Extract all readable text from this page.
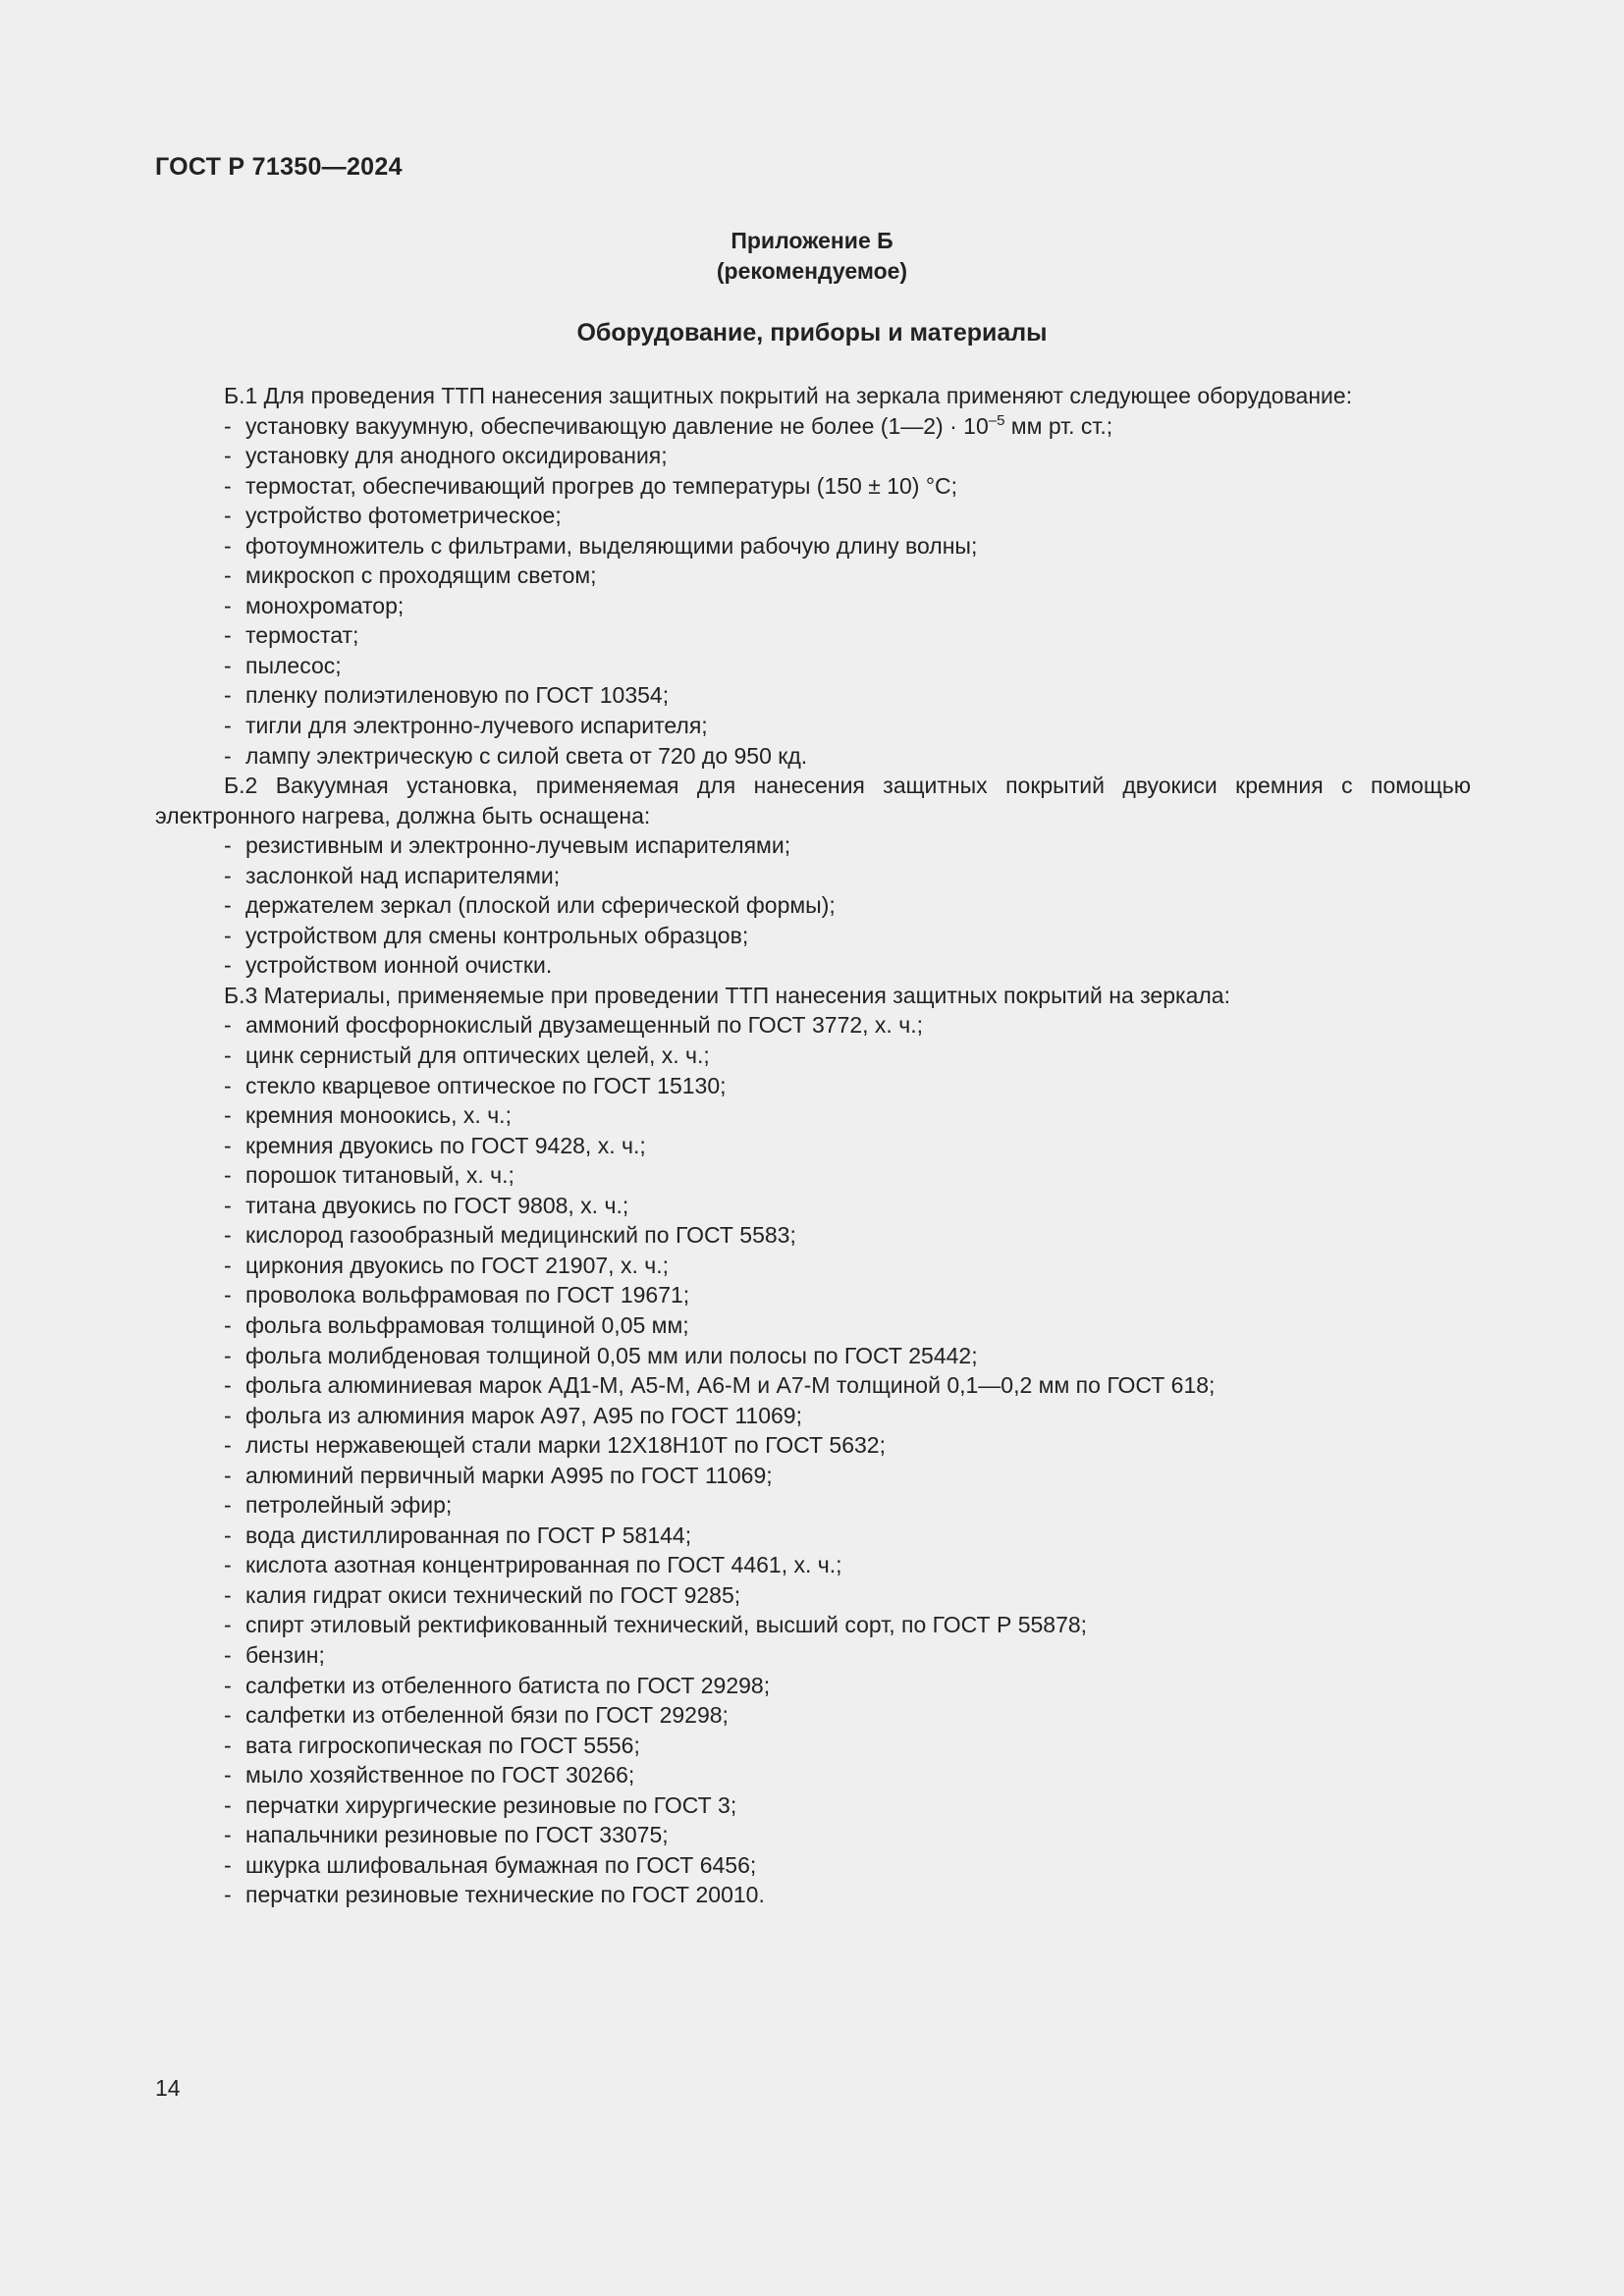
ГОСТ Р 71350—2024
Приложение Б
(рекомендуемое)
Оборудование, приборы и материалы

Б.1 Для проведения ТТП нанесения защитных покрытий на зеркала применяют следующее оборудование:

- установку вакуумную, обеспечивающую давление не более (1—2) · $10^{-5}$ мм рт. ст.;
- установку для анодного оксидирования;
- термостат, обеспечивающий прогрев до температуры (150 ± 10) °С;
- устройство фотометрическое;
- фотоумножитель с фильтрами, выделяющими рабочую длину волны;
- микроскоп с проходящим светом;
- монохроматор;
- термостат;
- пылесос;
- пленку полиэтиленовую по ГОСТ 10354;
- тигли для электронно-лучевого испарителя;
- лампу электрическую с силой света от 720 до 950 кд.

Б.2 Вакуумная установка, применяемая для нанесения защитных покрытий двуокиси кремния с помощью электронного нагрева, должна быть оснащена:

- резистивным и электронно-лучевым испарителями;
- заслонкой над испарителями;
- держателем зеркал (плоской или сферической формы);
- устройством для смены контрольных образцов;
- устройством ионной очистки.

Б.3 Материалы, применяемые при проведении ТТП нанесения защитных покрытий на зеркала:

- аммоний фосфорнокислый двузамещенный по ГОСТ 3772, х. ч.;
- цинк сернистый для оптических целей, х. ч.;
- стекло кварцевое оптическое по ГОСТ 15130;
- кремния моноокись, х. ч.;
- кремния двуокись по ГОСТ 9428, х. ч.;
- порошок титановый, х. ч.;
- титана двуокись по ГОСТ 9808, х. ч.;
- кислород газообразный медицинский по ГОСТ 5583;
- циркония двуокись по ГОСТ 21907, х. ч.;
- проволока вольфрамовая по ГОСТ 19671;
- фольга вольфрамовая толщиной 0,05 мм;
- фольга молибденовая толщиной 0,05 мм или полосы по ГОСТ 25442;
- фольга алюминиевая марок АД1-М, А5-М, А6-М и А7-М толщиной 0,1—0,2 мм по ГОСТ 618;
- фольга из алюминия марок А97, А95 по ГОСТ 11069;
- листы нержавеющей стали марки 12Х18Н10Т по ГОСТ 5632;
- алюминий первичный марки А995 по ГОСТ 11069;
- петролейный эфир;
- вода дистиллированная по ГОСТ Р 58144;
- кислота азотная концентрированная по ГОСТ 4461, х. ч.;
- калия гидрат окиси технический по ГОСТ 9285;
- спирт этиловый ректификованный технический, высший сорт, по ГОСТ Р 55878;
- бензин;
- салфетки из отбеленного батиста по ГОСТ 29298;
- салфетки из отбеленной бязи по ГОСТ 29298;
- вата гигроскопическая по ГОСТ 5556;
- мыло хозяйственное по ГОСТ 30266;
- перчатки хирургические резиновые по ГОСТ 3;
- напальчники резиновые по ГОСТ 33075;
- шкурка шлифовальная бумажная по ГОСТ 6456;
- перчатки резиновые технические по ГОСТ 20010.
14
